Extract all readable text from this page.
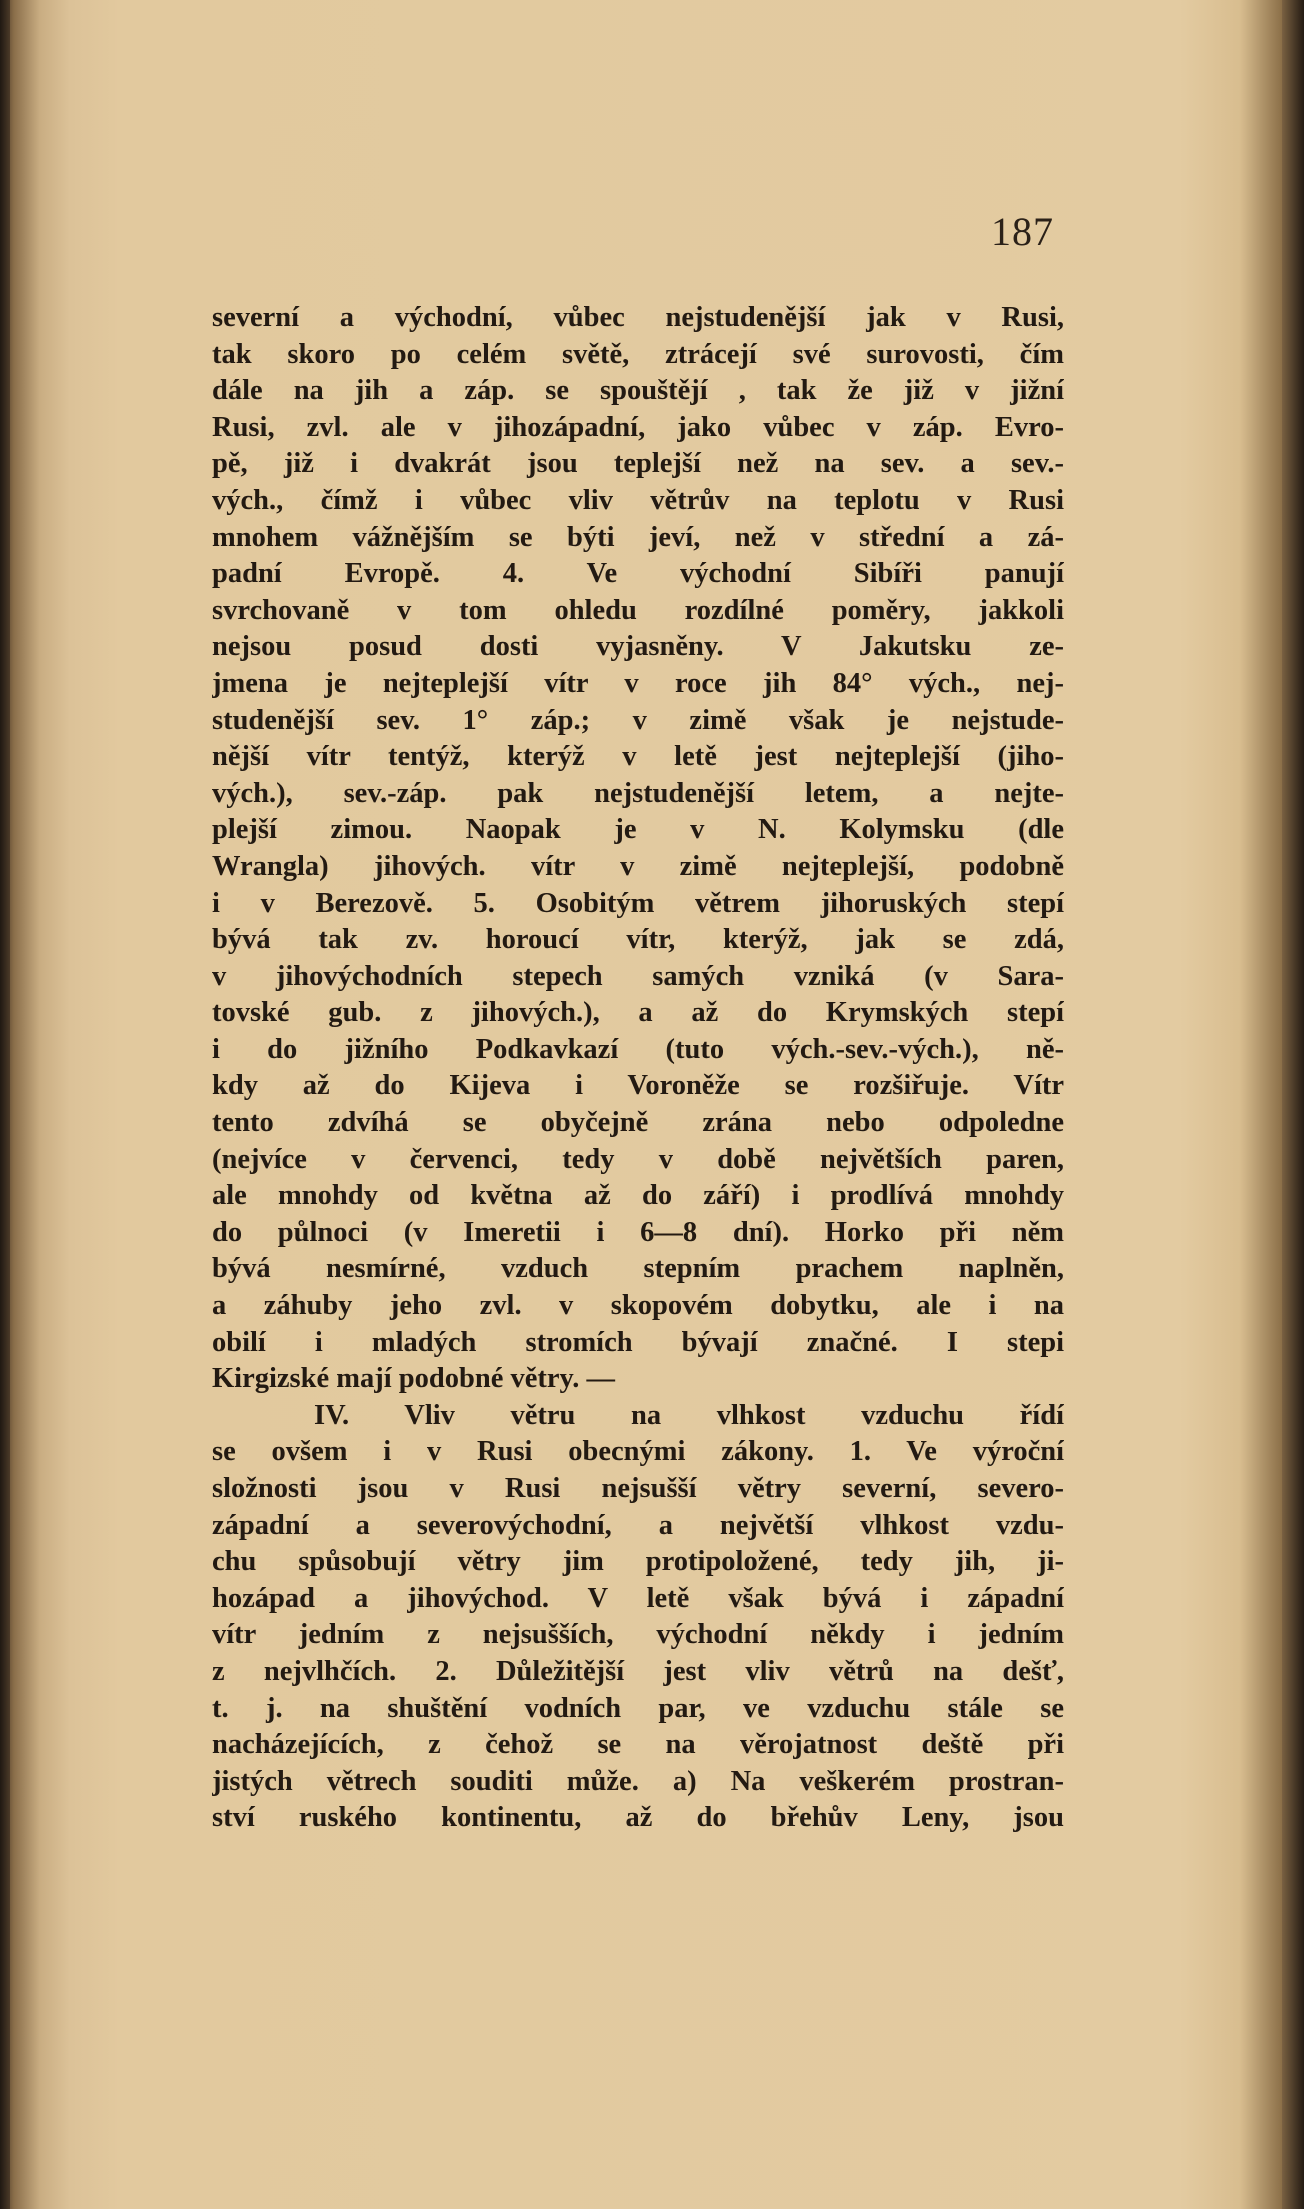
187
severní a východní, vůbec nejstudenější jak v Rusi,
tak skoro po celém světě, ztrácejí své surovosti, čím
dále na jih a záp. se spouštějí , tak že již v jižní
Rusi, zvl. ale v jihozápadní, jako vůbec v záp. Evro-
pě, již i dvakrát jsou teplejší než na sev. a sev.-
vých., čímž i vůbec vliv větrův na teplotu v Rusi
mnohem vážnějším se býti jeví, než v střední a zá-
padní Evropě. 4. Ve východní Sibíři panují
svrchovaně v tom ohledu rozdílné poměry, jakkoli
nejsou posud dosti vyjasněny. V Jakutsku ze-
jmena je nejteplejší vítr v roce jih 84° vých., nej-
studenější sev. 1° záp.; v zimě však je nejstude-
nější vítr tentýž, kterýž v letě jest nejteplejší (jiho-
vých.), sev.-záp. pak nejstudenější letem, a nejte-
plejší zimou. Naopak je v N. Kolymsku (dle
Wrangla) jihových. vítr v zimě nejteplejší, podobně
i v Berezově. 5. Osobitým větrem jihoruských stepí
bývá tak zv. horoucí vítr, kterýž, jak se zdá,
v jihovýchodních stepech samých vzniká (v Sara-
tovské gub. z jihových.), a až do Krymských stepí
i do jižního Podkavkazí (tuto vých.-sev.-vých.), ně-
kdy až do Kijeva i Voroněže se rozšiřuje. Vítr
tento zdvíhá se obyčejně zrána nebo odpoledne
(nejvíce v červenci, tedy v době největších paren,
ale mnohdy od května až do září) i prodlívá mnohdy
do půlnoci (v Imeretii i 6—8 dní). Horko při něm
bývá nesmírné, vzduch stepním prachem naplněn,
a záhuby jeho zvl. v skopovém dobytku, ale i na
obilí i mladých stromích bývají značné. I stepi
Kirgizské mají podobné větry. —
IV. Vliv větru na vlhkost vzduchu řídí
se ovšem i v Rusi obecnými zákony. 1. Ve výroční
složnosti jsou v Rusi nejsušší větry severní, severo-
západní a severovýchodní, a největší vlhkost vzdu-
chu spůsobují větry jim protipoložené, tedy jih, ji-
hozápad a jihovýchod. V letě však bývá i západní
vítr jedním z nejsušších, východní někdy i jedním
z nejvlhčích. 2. Důležitější jest vliv větrů na dešť,
t. j. na shuštění vodních par, ve vzduchu stále se
nacházejících, z čehož se na věrojatnost deště při
jistých větrech souditi může. a) Na veškerém prostran-
ství ruského kontinentu, až do břehův Leny, jsou
